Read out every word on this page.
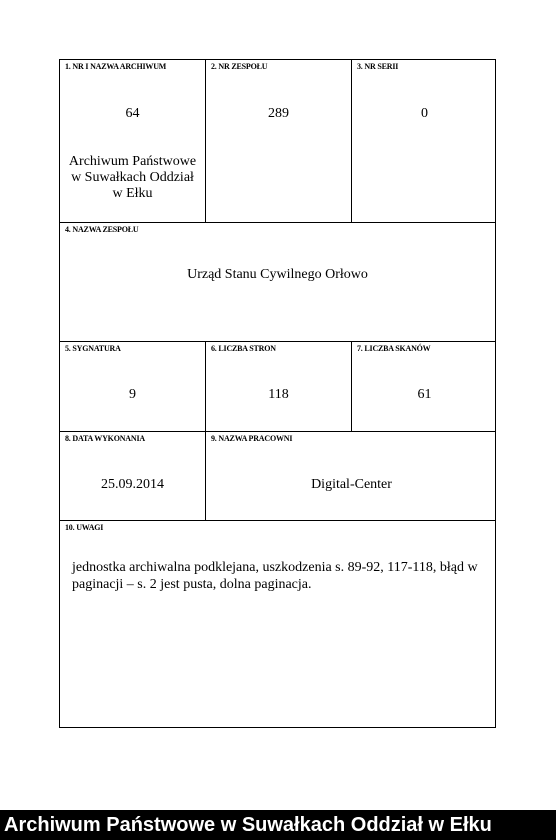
1. NR I NAZWA ARCHIWUM
64
Archiwum Państwowe w Suwałkach Oddział w Ełku
2. NR ZESPOŁU
289
3. NR SERII
0
4. NAZWA ZESPOŁU
Urząd Stanu Cywilnego Orłowo
5. SYGNATURA
9
6. LICZBA STRON
118
7. LICZBA SKANÓW
61
8. DATA WYKONANIA
25.09.2014
9. NAZWA PRACOWNI
Digital-Center
10. UWAGI
jednostka archiwalna podklejana, uszkodzenia s. 89-92, 117-118, błąd w paginacji – s. 2 jest pusta, dolna paginacja.
Archiwum Państwowe w Suwałkach Oddział w Ełku
